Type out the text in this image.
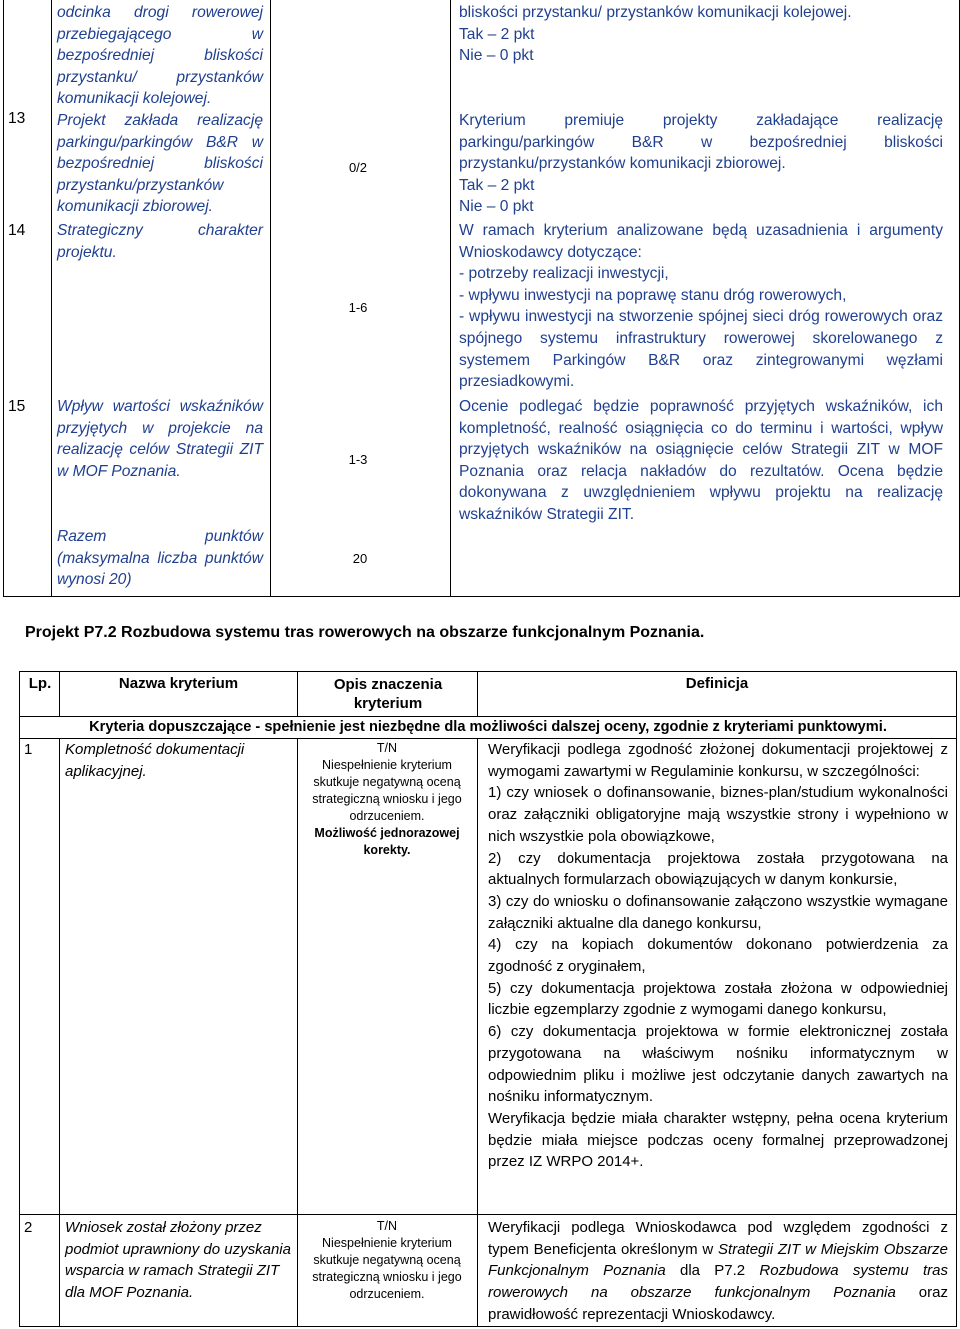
odcinka drogi rowerowej
przebiegającego w
bezpośredniej bliskości
przystanku/ przystanków
komunikacji kolejowej.
bliskości przystanku/ przystanków komunikacji kolejowej.
Tak – 2 pkt
Nie – 0 pkt
13 Projekt zakłada realizację parkingu/parkingów B&R w bezpośredniej bliskości przystanku/przystanków komunikacji zbiorowej.
0/2
Kryterium premiuje projekty zakładające realizację parkingu/parkingów B&R w bezpośredniej bliskości przystanku/przystanków komunikacji zbiorowej.
Tak – 2 pkt
Nie – 0 pkt
14 Strategiczny charakter projektu.
1-6
W ramach kryterium analizowane będą uzasadnienia i argumenty Wnioskodawcy dotyczące:
- potrzeby realizacji inwestycji,
- wpływu inwestycji na poprawę stanu dróg rowerowych,
- wpływu inwestycji na stworzenie spójnej sieci dróg rowerowych oraz spójnego systemu infrastruktury rowerowej skorelowanego z systemem Parkingów B&R oraz zintegrowanymi węzłami przesiadkowymi.
15 Wpływ wartości wskaźników przyjętych w projekcie na realizację celów Strategii ZIT w MOF Poznania.
1-3
Ocenie podlegać będzie poprawność przyjętych wskaźników, ich kompletność, realność osiągnięcia co do terminu i wartości, wpływ przyjętych wskaźników na osiągnięcie celów Strategii ZIT w MOF Poznania oraz relacja nakładów do rezultatów. Ocena będzie dokonywana z uwzględnieniem wpływu projektu na realizację wskaźników Strategii ZIT.
Razem punktów (maksymalna liczba punktów wynosi 20)
20
Projekt P7.2 Rozbudowa systemu tras rowerowych na obszarze funkcjonalnym Poznania.
Lp.	Nazwa kryterium	Opis znaczenia kryterium
Definicja
Kryteria dopuszczające - spełnienie jest niezbędne dla możliwości dalszej oceny, zgodnie z kryteriami punktowymi.
1 Kompletność dokumentacji aplikacyjnej.
T/N
Niespełnienie kryterium skutkuje negatywną oceną strategiczną wniosku i jego odrzuceniem.
Możliwość jednorazowej korekty.
Weryfikacji podlega zgodność złożonej dokumentacji projektowej z wymogami zawartymi w Regulaminie konkursu, w szczególności:
1) czy wniosek o dofinansowanie, biznes-plan/studium wykonalności oraz załączniki obligatoryjne mają wszystkie strony i wypełniono w nich wszystkie pola obowiązkowe,
2) czy dokumentacja projektowa została przygotowana na aktualnych formularzach obowiązujących w danym konkursie,
3) czy do wniosku o dofinansowanie załączono wszystkie wymagane załączniki aktualne dla danego konkursu,
4) czy na kopiach dokumentów dokonano potwierdzenia za zgodność z oryginałem,
5) czy dokumentacja projektowa została złożona w odpowiedniej liczbie egzemplarzy zgodnie z wymogami danego konkursu,
6) czy dokumentacja projektowa w formie elektronicznej została przygotowana na właściwym nośniku informatycznym w odpowiednim pliku i możliwe jest odczytanie danych zawartych na nośniku informatycznym.
Weryfikacja będzie miała charakter wstępny, pełna ocena kryterium będzie miała miejsce podczas oceny formalnej przeprowadzonej przez IZ WRPO 2014+.
2 Wniosek został złożony przez podmiot uprawniony do uzyskania wsparcia w ramach Strategii ZIT dla MOF Poznania.
T/N
Niespełnienie kryterium skutkuje negatywną oceną strategiczną wniosku i jego odrzuceniem.
Weryfikacji podlega Wnioskodawca pod względem zgodności z typem Beneficjenta określonym w Strategii ZIT w Miejskim Obszarze Funkcjonalnym Poznania dla P7.2 Rozbudowa systemu tras rowerowych na obszarze funkcjonalnym Poznania oraz prawidłowość reprezentacji Wnioskodawcy.
